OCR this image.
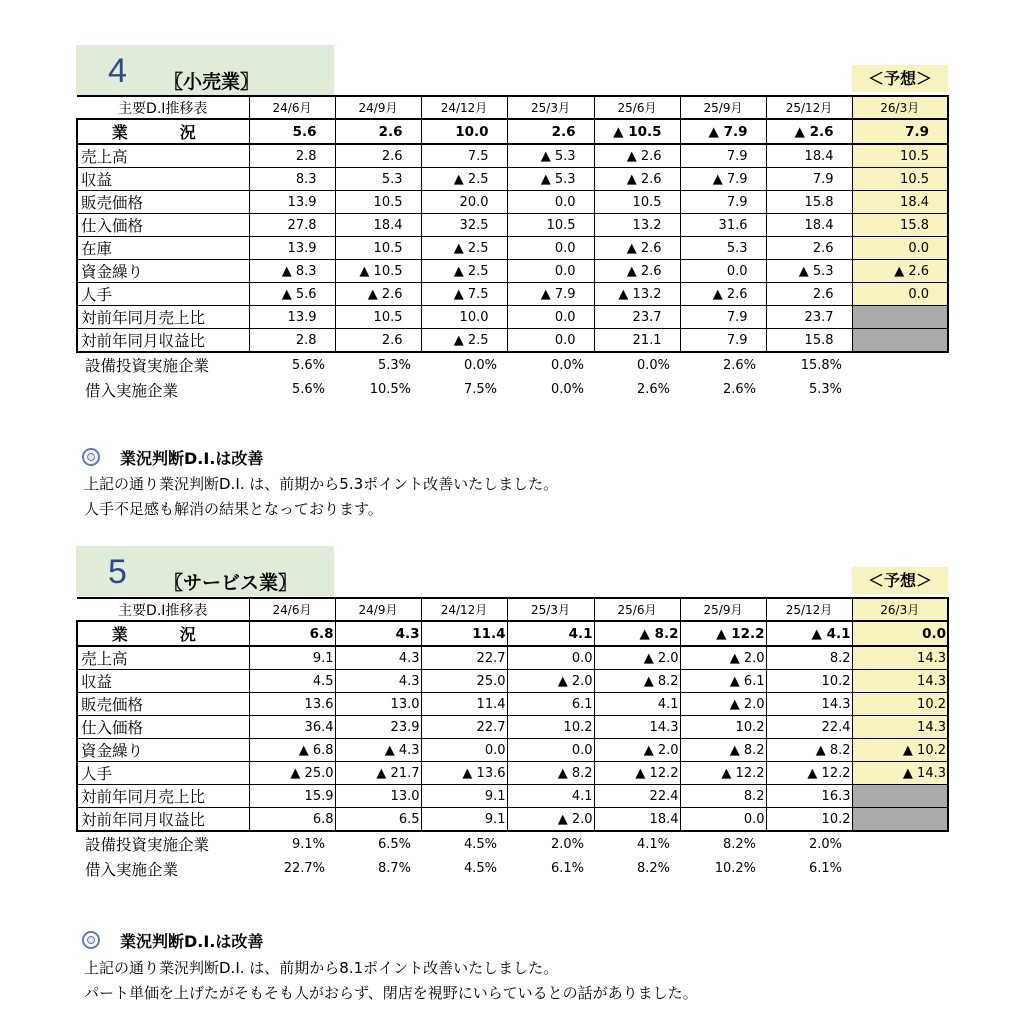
4 〖小売業〗	＜予想＞
主要D.I推移表	24/6月	24/9月	24/12月	25/3月	25/6月	25/9月	25/12月	26/3月
業　況	5.6	2.6	10.0	2.6	▲ 10.5	▲ 7.9	▲ 2.6	7.9
売上高	2.8	2.6	7.5	▲ 5.3	▲ 2.6	7.9	18.4	10.5
収益	8.3	5.3	▲ 2.5	▲ 5.3	▲ 2.6	▲ 7.9	7.9	10.5
販売価格	13.9	10.5	20.0	0.0	10.5	7.9	15.8	18.4
仕入価格	27.8	18.4	32.5	10.5	13.2	31.6	18.4	15.8
在庫	13.9	10.5	▲ 2.5	0.0	▲ 2.6	5.3	2.6	0.0
資金繰り	▲ 8.3	▲ 10.5	▲ 2.5	0.0	▲ 2.6	0.0	▲ 5.3	▲ 2.6
人手	▲ 5.6	▲ 2.6	▲ 7.5	▲ 7.9	▲ 13.2	▲ 2.6	2.6	0.0
対前年同月売上比	13.9	10.5	10.0	0.0	23.7	7.9	23.7	
対前年同月収益比	2.8	2.6	▲ 2.5	0.0	21.1	7.9	15.8	
設備投資実施企業	5.6%	5.3%	0.0%	0.0%	0.0%	2.6%	15.8%	
借入実施企業	5.6%	10.5%	7.5%	0.0%	2.6%	2.6%	5.3%	
業況判断D.I.は改善
上記の通り業況判断D.I. は、前期から5.3ポイント改善いたしました。
人手不足感も解消の結果となっております。
5 〖サービス業〗	＜予想＞
主要D.I推移表	24/6月	24/9月	24/12月	25/3月	25/6月	25/9月	25/12月	26/3月
業　況	6.8	4.3	11.4	4.1	▲ 8.2	▲ 12.2	▲ 4.1	0.0
売上高	9.1	4.3	22.7	0.0	▲ 2.0	▲ 2.0	8.2	14.3
収益	4.5	4.3	25.0	▲ 2.0	▲ 8.2	▲ 6.1	10.2	14.3
販売価格	13.6	13.0	11.4	6.1	4.1	▲ 2.0	14.3	10.2
仕入価格	36.4	23.9	22.7	10.2	14.3	10.2	22.4	14.3
資金繰り	▲ 6.8	▲ 4.3	0.0	0.0	▲ 2.0	▲ 8.2	▲ 8.2	▲ 10.2
人手	▲ 25.0	▲ 21.7	▲ 13.6	▲ 8.2	▲ 12.2	▲ 12.2	▲ 12.2	▲ 14.3
対前年同月売上比	15.9	13.0	9.1	4.1	22.4	8.2	16.3	
対前年同月収益比	6.8	6.5	9.1	▲ 2.0	18.4	0.0	10.2	
設備投資実施企業	9.1%	6.5%	4.5%	2.0%	4.1%	8.2%	2.0%	
借入実施企業	22.7%	8.7%	4.5%	6.1%	8.2%	10.2%	6.1%	
業況判断D.I.は改善
上記の通り業況判断D.I. は、前期から8.1ポイント改善いたしました。
パート単価を上げたがそもそも人がおらず、閉店を視野にいらているとの話がありました。
